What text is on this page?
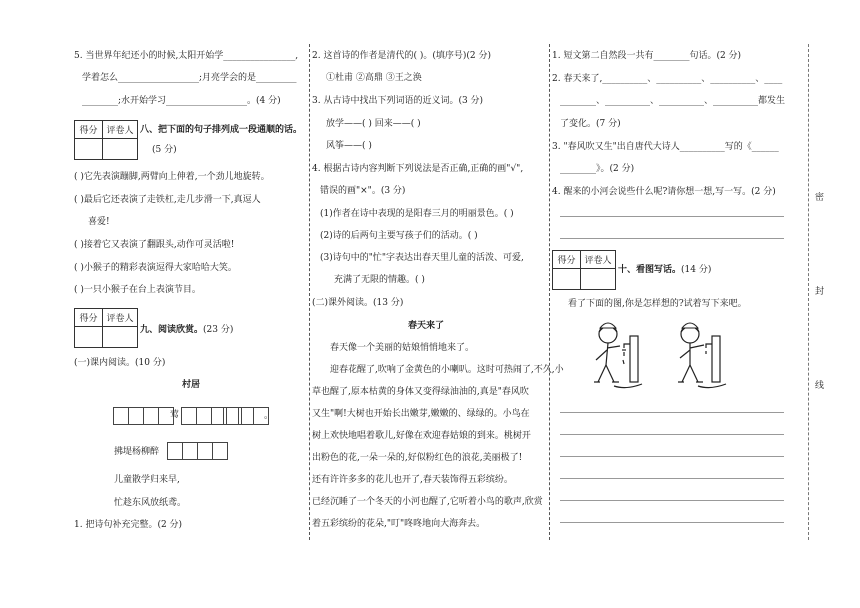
5. 当世界年纪还小的时候,太阳开始学________________,
学着怎么__________________;月亮学会的是_________
________;水开始学习__________________。(4 分)
得分 评卷人 八、把下面的句子排列成一段通顺的话。
(5 分)
( )它先表演蹦脚,两臂向上伸着,一个劲儿地旋转。
( )最后它还表演了走铁杠,走几步滑一下,真逗人
喜爱!
( )接着它又表演了翻跟头,动作可灵活啦!
( )小猴子的精彩表演逗得大家哈哈大笑。
( )一只小猴子在台上表演节目。
得分 评卷人
九、阅读欣赏。(23 分)
(一)课内阅读。(10 分)
村居
莺	。
拂堤杨柳醉
儿童散学归来早,
忙趁东风放纸鸢。
1. 把诗句补充完整。(2 分)
2. 这首诗的作者是清代的( )。(填序号)(2 分)
①杜甫 ②高鼎 ③王之涣
3. 从古诗中找出下列词语的近义词。(3 分)
放学——( ) 回来——( )
风筝——( )
4. 根据古诗内容判断下列说法是否正确,正确的画"√",
错误的画"×"。(3 分)
(1)作者在诗中表现的是阳春三月的明丽景色。( )
(2)诗的后两句主要写孩子们的活动。( )
(3)诗句中的"忙"字表达出春天里儿童的活泼、可爱,
充满了无限的情趣。( )
(二)课外阅读。(13 分)
春天来了
春天像一个美丽的姑娘悄悄地来了。
迎春花醒了,吹响了金黄色的小喇叭。这时可热闹了,不久,小
草也醒了,原本枯黄的身体又变得绿油油的,真是"春风吹
又生"啊!大树也开始长出嫩芽,嫩嫩的、绿绿的。小鸟在
树上欢快地唱着歌儿,好像在欢迎春姑娘的到来。桃树开
出粉色的花,一朵一朵的,好似粉红色的浪花,美丽极了!
还有许许多多的花儿也开了,春天装饰得五彩缤纷。
已经沉睡了一个冬天的小河也醒了,它听着小鸟的歌声,欣赏
着五彩缤纷的花朵,"叮"咚咚地向大海奔去。
1. 短文第二自然段一共有________句话。(2 分)
2. 春天来了,__________、__________、__________、____
________、__________、__________、__________都发生
了变化。(7 分)
3. "春风吹又生"出自唐代大诗人__________写的《______
________》。(2 分)
4. 醒来的小河会说些什么呢?请你想一想,写一写。(2 分)
得分 评卷人
十、看图写话。(14 分)
看了下面的图,你是怎样想的?试着写下来吧。
密
封
线
